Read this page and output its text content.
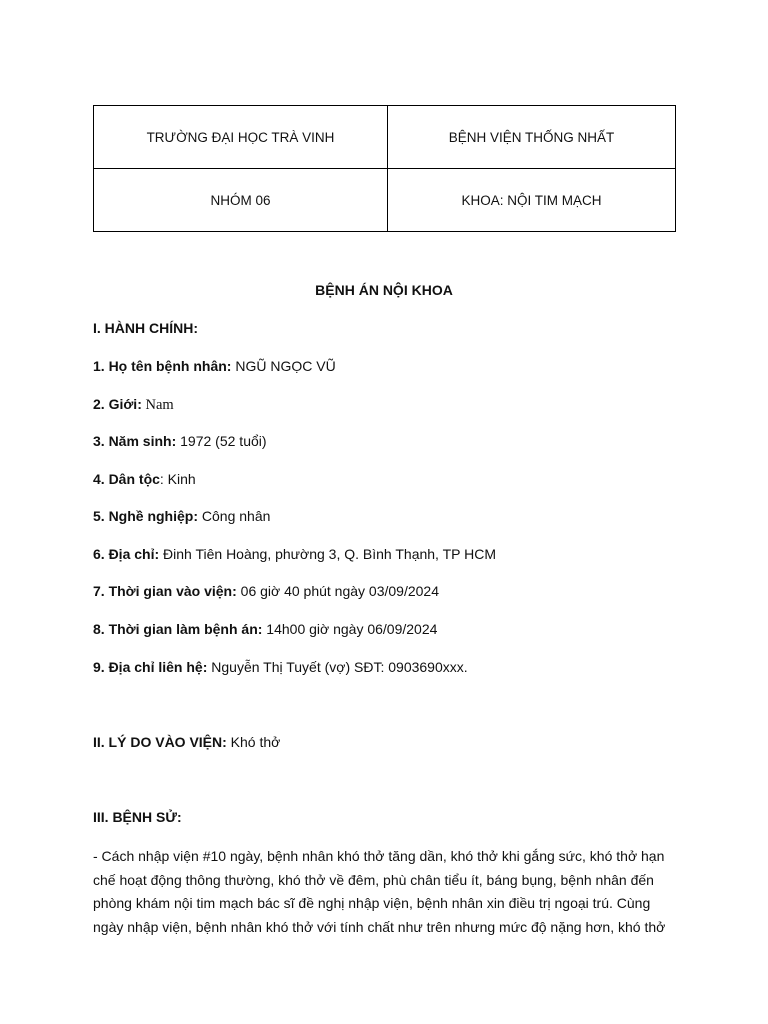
TRƯỜNG ĐẠI HỌC TRÀ VINH	BỆNH VIỆN THỐNG NHẤT
NHÓM 06	KHOA: NỘI TIM MẠCH
BỆNH ÁN NỘI KHOA
I. HÀNH CHÍNH:
1. Họ tên bệnh nhân: NGŨ NGỌC VŨ
2. Giới: Nam
3. Năm sinh: 1972 (52 tuổi)
4. Dân tộc: Kinh
5. Nghề nghiệp: Công nhân
6. Địa chỉ: Đinh Tiên Hoàng, phường 3, Q. Bình Thạnh, TP HCM
7. Thời gian vào viện: 06 giờ 40 phút ngày 03/09/2024
8. Thời gian làm bệnh án: 14h00 giờ ngày 06/09/2024
9. Địa chỉ liên hệ: Nguyễn Thị Tuyết (vợ) SĐT: 0903690xxx.
II. LÝ DO VÀO VIỆN: Khó thở
III. BỆNH SỬ:

- Cách nhập viện #10 ngày, bệnh nhân khó thở tăng dần, khó thở khi gắng sức, khó thở hạn chế hoạt động thông thường, khó thở về đêm, phù chân tiểu ít, báng bụng, bệnh nhân đến phòng khám nội tim mạch bác sĩ đề nghị nhập viện, bệnh nhân xin điều trị ngoại trú. Cùng ngày nhập viện, bệnh nhân khó thở với tính chất như trên nhưng mức độ nặng hơn, khó thở
